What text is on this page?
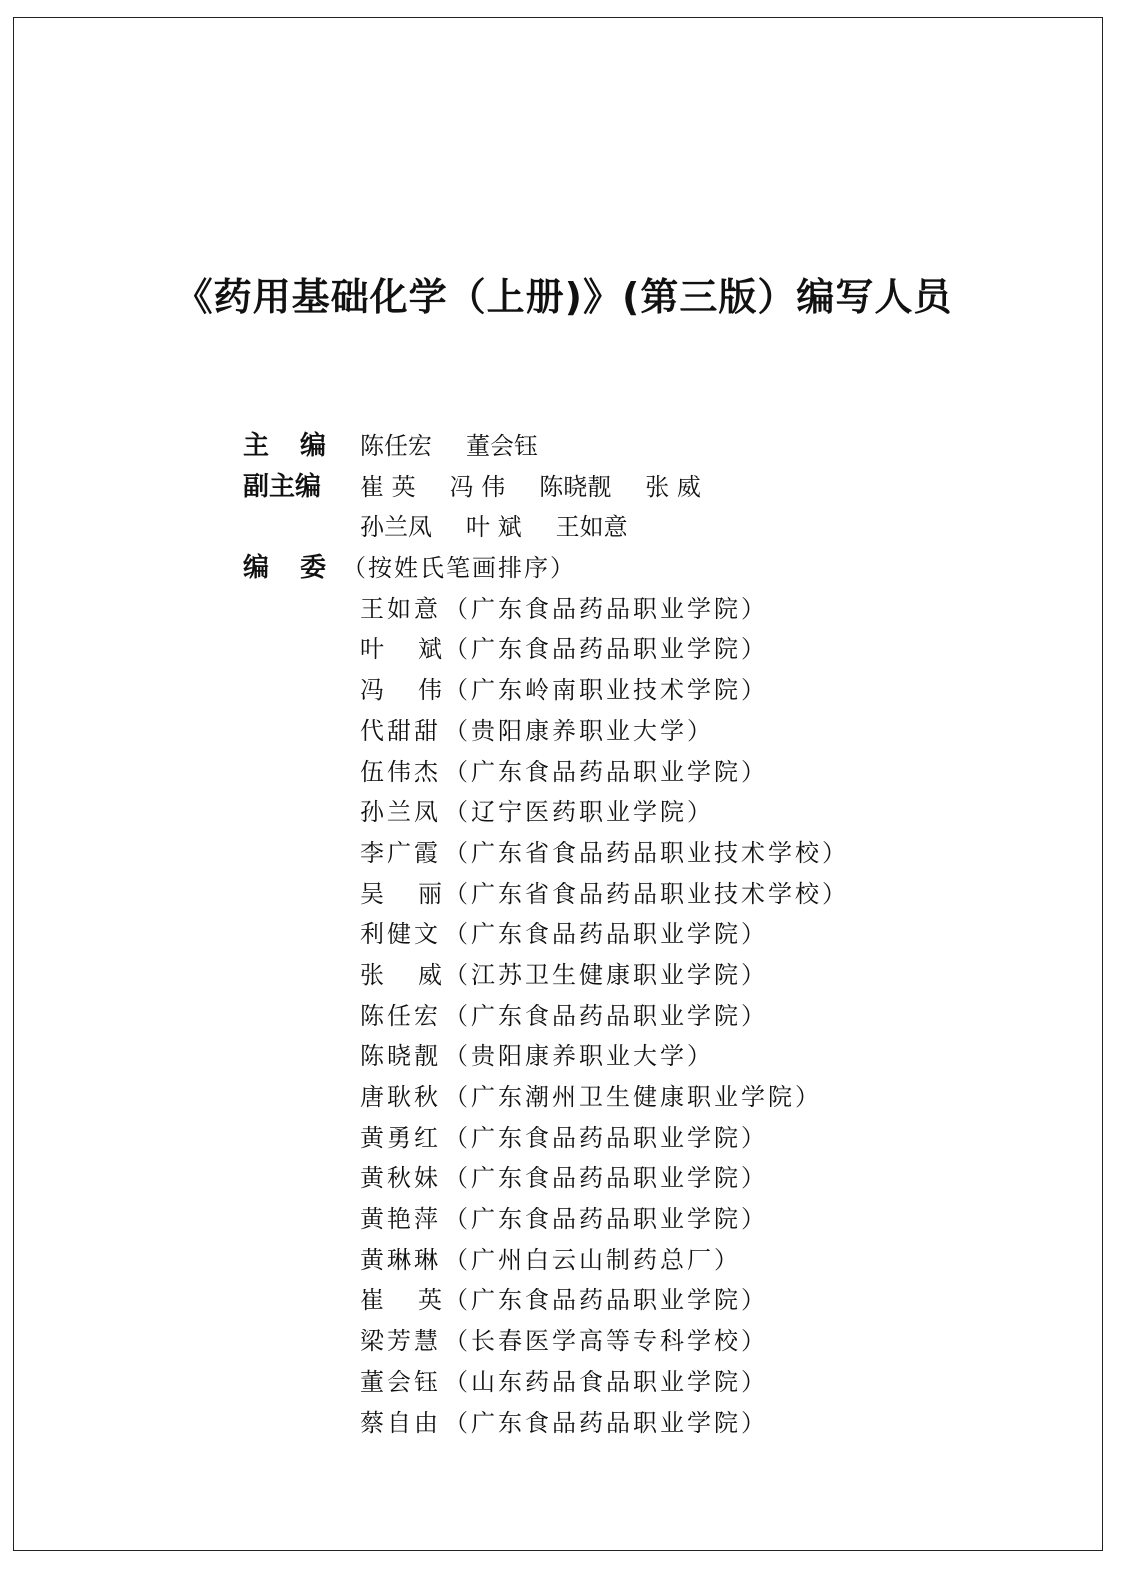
《药用基础化学（上册)》(第三版）编写人员
主编 陈任宏 董会钰
副主编	崔 英 冯 伟 陈晓靓 张 威
孙兰凤 叶 斌 王如意
编委
（按姓氏笔画排序）
王如意 （广东食品药品职业学院）
叶斌
（广东食品药品职业学院）
冯伟
（广东岭南职业技术学院）
代甜甜 （贵阳康养职业大学）
伍伟杰 （广东食品药品职业学院）
孙兰凤 （辽宁医药职业学院）
李广霞 （广东省食品药品职业技术学校）
吴丽
（广东省食品药品职业技术学校）
利健文 （广东食品药品职业学院）
张威
（江苏卫生健康职业学院）
陈任宏 （广东食品药品职业学院）
陈晓靓 （贵阳康养职业大学）
唐耿秋 （广东潮州卫生健康职业学院）
黄勇红 （广东食品药品职业学院）
黄秋妹 （广东食品药品职业学院）
黄艳萍 （广东食品药品职业学院）
黄琳琳 （广州白云山制药总厂）
崔英
（广东食品药品职业学院）
梁芳慧 （长春医学高等专科学校）
董会钰 （山东药品食品职业学院）
蔡自由 （广东食品药品职业学院）
